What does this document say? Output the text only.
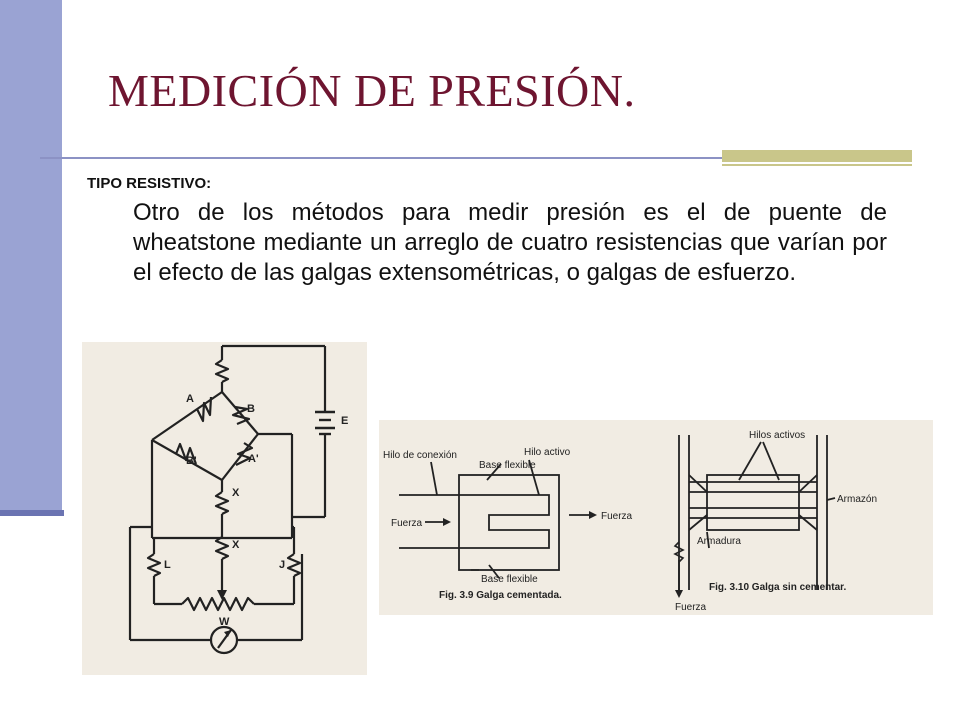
MEDICIÓN DE PRESIÓN.

TIPO RESISTIVO:

Otro de los métodos para medir presión es el de puente de wheatstone mediante un arreglo de cuatro resistencias que varían por el efecto de las galgas extensométricas, o galgas de esfuerzo.

A
B
B'	A'
E
X
X
L	J
W
Hilo de conexión
Base flexible
Hilo activo
Fuerza
Fuerza
Base flexible
Hilos activos
Armazón
Armadura
Fuerza
Fig. 3.9 Galga cementada.
Fig. 3.10 Galga sin cementar.
